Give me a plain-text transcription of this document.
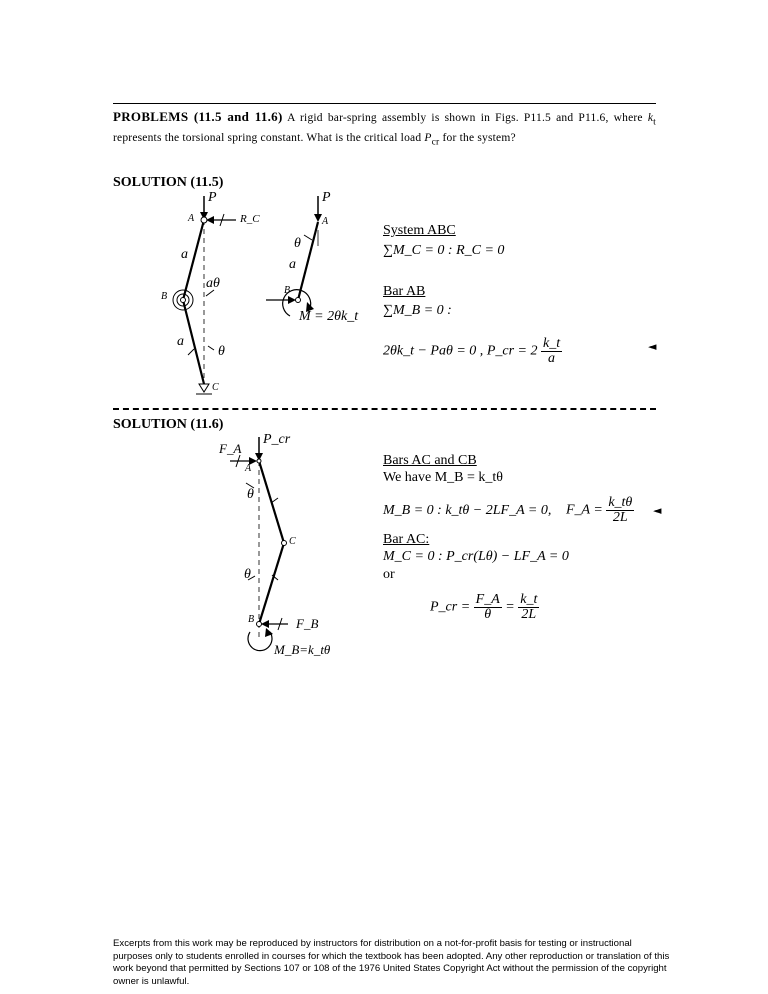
PROBLEMS (11.5 and 11.6) A rigid bar-spring assembly is shown in Figs. P11.5 and P11.6, where $k_t$ represents the torsional spring constant. What is the critical load $P_{cr}$ for the system?
SOLUTION (11.5)
P
A	R_C
a
aθ
B
a
θ
C
P
A
θ
a
B
M = 2θk_t
System ABC
∑M_C = 0 : R_C = 0
Bar AB
∑M_B = 0 :
2θk_t − Paθ = 0 , P_cr = $2 \frac{k\_t}{a}$	◄
SOLUTION (11.6)
F_A
A
P_cr
θ
C
θ
B	F_B
M_B=k_tθ
Bars AC and CB
We have M_B = k_tθ
M_B = 0 : k_tθ − 2LF_A = 0, F_A = $\frac{k\_t\theta}{2L}$ ◄
Bar AC:
M_C = 0 : P_cr(Lθ) − LF_A = 0
or
P_cr = $\frac{F\_A}{\theta} = \frac{k\_t}{2L}$
Excerpts from this work may be reproduced by instructors for distribution on a not-for-profit basis for testing or instructional purposes only to students enrolled in courses for which the textbook has been adopted. Any other reproduction or translation of this work beyond that permitted by Sections 107 or 108 of the 1976 United States Copyright Act without the permission of the copyright owner is unlawful.
